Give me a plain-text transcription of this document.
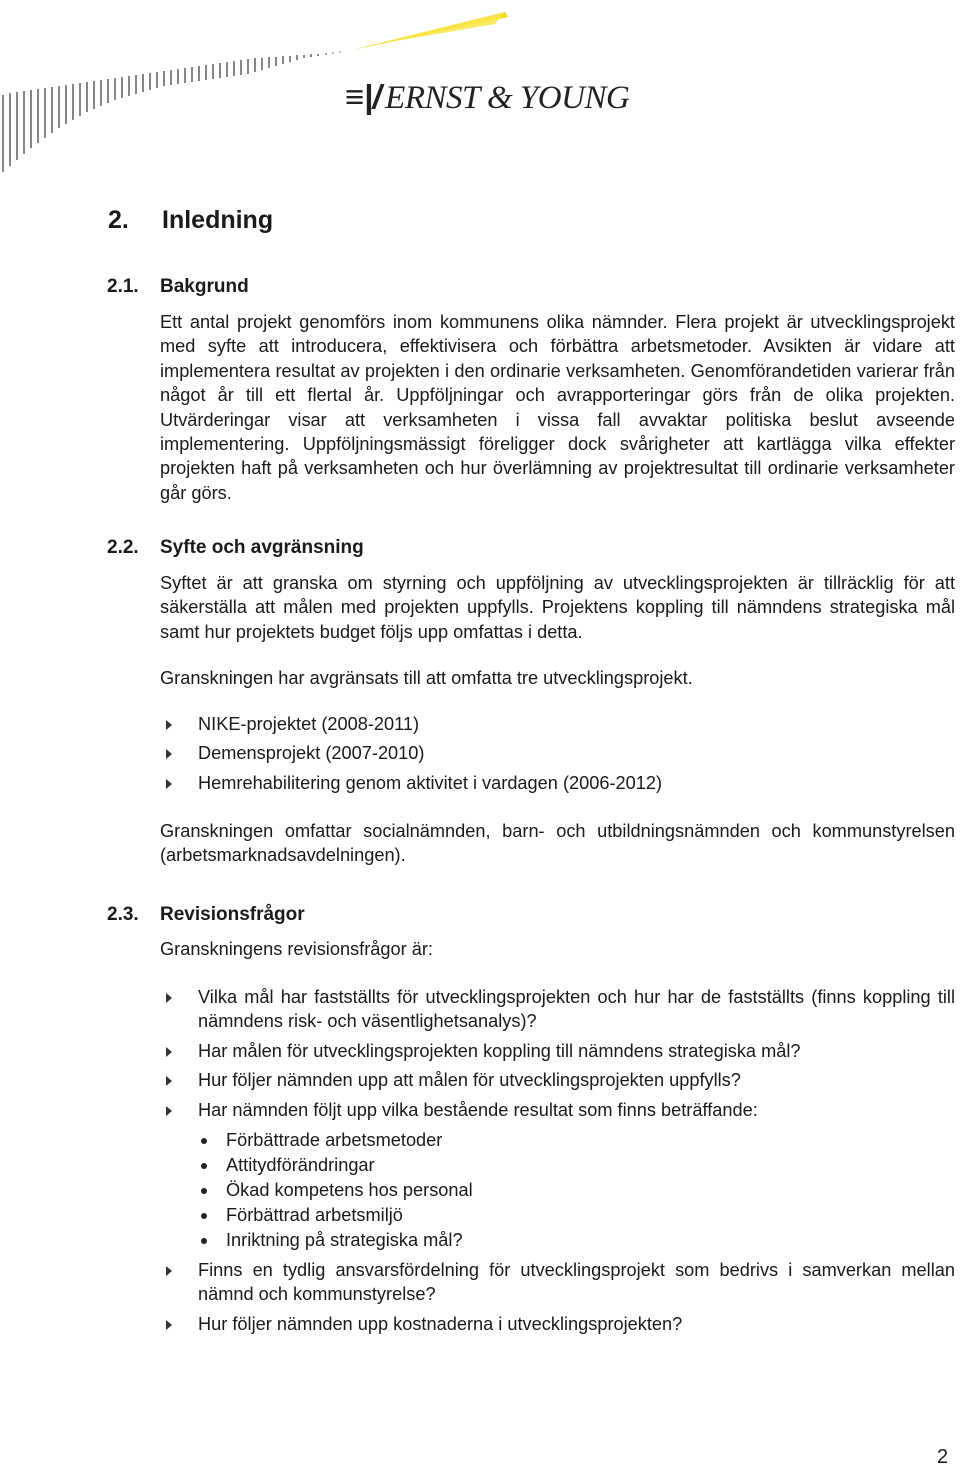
≡|/ ERNST & YOUNG
2. Inledning
2.1. Bakgrund

Ett antal projekt genomförs inom kommunens olika nämnder. Flera projekt är utvecklingsprojekt med syfte att introducera, effektivisera och förbättra arbetsmetoder. Avsikten är vidare att implementera resultat av projekten i den ordinarie verksamheten. Genomförandetiden varierar från något år till ett flertal år. Uppföljningar och avrapporteringar görs från de olika projekten. Utvärderingar visar att verksamheten i vissa fall avvaktar politiska beslut avseende implementering. Uppföljningsmässigt föreligger dock svårigheter att kartlägga vilka effekter projekten haft på verksamheten och hur överlämning av projektresultat till ordinarie verksamheter går görs.

2.2. Syfte och avgränsning

Syftet är att granska om styrning och uppföljning av utvecklingsprojekten är tillräcklig för att säkerställa att målen med projekten uppfylls. Projektens koppling till nämndens strategiska mål samt hur projektets budget följs upp omfattas i detta.

Granskningen har avgränsats till att omfatta tre utvecklingsprojekt.

NIKE-projektet (2008-2011)
Demensprojekt (2007-2010)
Hemrehabilitering genom aktivitet i vardagen (2006-2012)

Granskningen omfattar socialnämnden, barn- och utbildningsnämnden och kommunstyrelsen (arbetsmarknadsavdelningen).

2.3. Revisionsfrågor

Granskningens revisionsfrågor är:

Vilka mål har fastställts för utvecklingsprojekten och hur har de fastställts (finns koppling till nämndens risk- och väsentlighetsanalys)?
Har målen för utvecklingsprojekten koppling till nämndens strategiska mål?
Hur följer nämnden upp att målen för utvecklingsprojekten uppfylls?
Har nämnden följt upp vilka bestående resultat som finns beträffande:
Förbättrade arbetsmetoder
Attitydförändringar
Ökad kompetens hos personal
Förbättrad arbetsmiljö
Inriktning på strategiska mål?
Finns en tydlig ansvarsfördelning för utvecklingsprojekt som bedrivs i samverkan mellan nämnd och kommunstyrelse?
Hur följer nämnden upp kostnaderna i utvecklingsprojekten?
2
